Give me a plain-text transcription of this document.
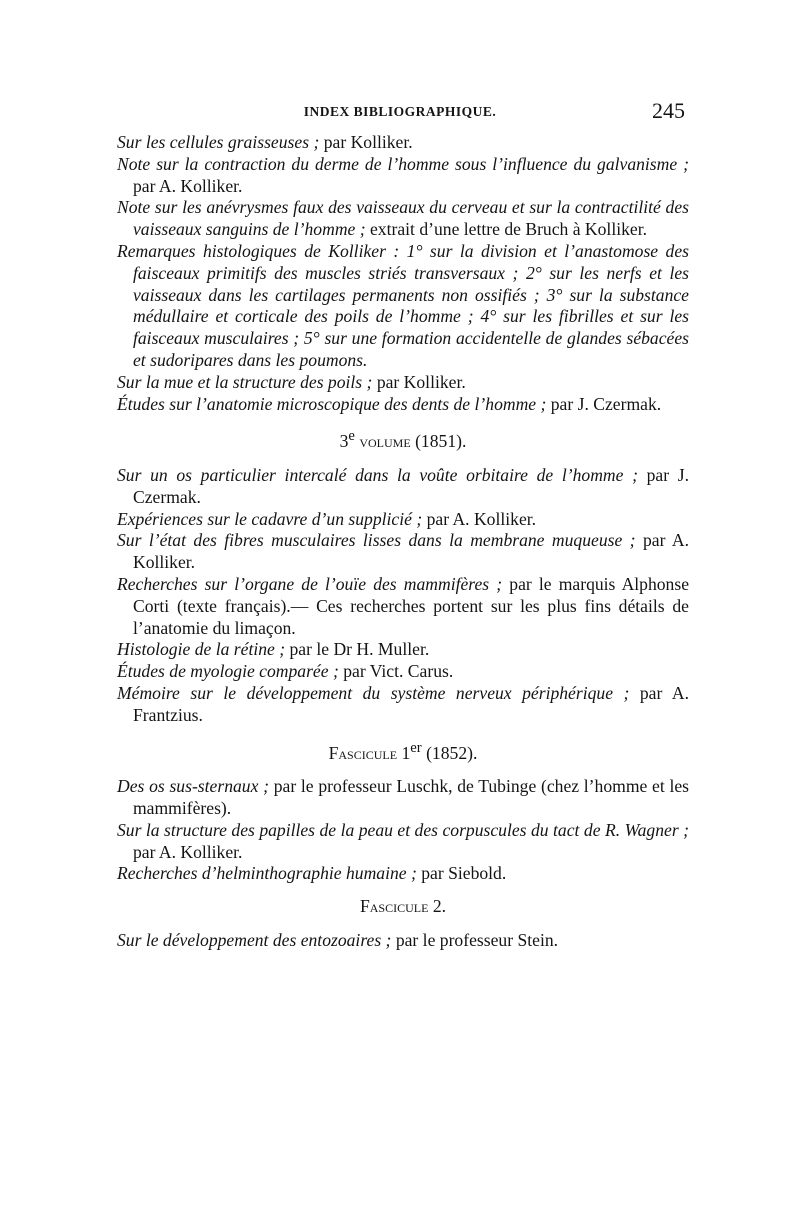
INDEX BIBLIOGRAPHIQUE.	245

Sur les cellules graisseuses ; par Kolliker.

Note sur la contraction du derme de l’homme sous l’influence du galvanisme ; par A. Kolliker.

Note sur les anévrysmes faux des vaisseaux du cerveau et sur la contractilité des vaisseaux sanguins de l’homme ; extrait d’une lettre de Bruch à Kolliker.

Remarques histologiques de Kolliker : 1° sur la division et l’anastomose des faisceaux primitifs des muscles striés transversaux ; 2° sur les nerfs et les vaisseaux dans les cartilages permanents non ossifiés ; 3° sur la substance médullaire et corticale des poils de l’homme ; 4° sur les fibrilles et sur les faisceaux musculaires ; 5° sur une formation accidentelle de glandes sébacées et sudoripares dans les poumons.

Sur la mue et la structure des poils ; par Kolliker.

Études sur l’anatomie microscopique des dents de l’homme ; par J. Czermak.

3e volume (1851).

Sur un os particulier intercalé dans la voûte orbitaire de l’homme ; par J. Czermak.

Expériences sur le cadavre d’un supplicié ; par A. Kolliker.

Sur l’état des fibres musculaires lisses dans la membrane muqueuse ; par A. Kolliker.

Recherches sur l’organe de l’ouïe des mammifères ; par le marquis Alphonse Corti (texte français).— Ces recherches portent sur les plus fins détails de l’anatomie du limaçon.

Histologie de la rétine ; par le Dr H. Muller.

Études de myologie comparée ; par Vict. Carus.

Mémoire sur le développement du système nerveux périphérique ; par A. Frantzius.

Fascicule 1er (1852).

Des os sus-sternaux ; par le professeur Luschk, de Tubinge (chez l’homme et les mammifères).

Sur la structure des papilles de la peau et des corpuscules du tact de R. Wagner ; par A. Kolliker.

Recherches d’helminthographie humaine ; par Siebold.

Fascicule 2.

Sur le développement des entozoaires ; par le professeur Stein.
